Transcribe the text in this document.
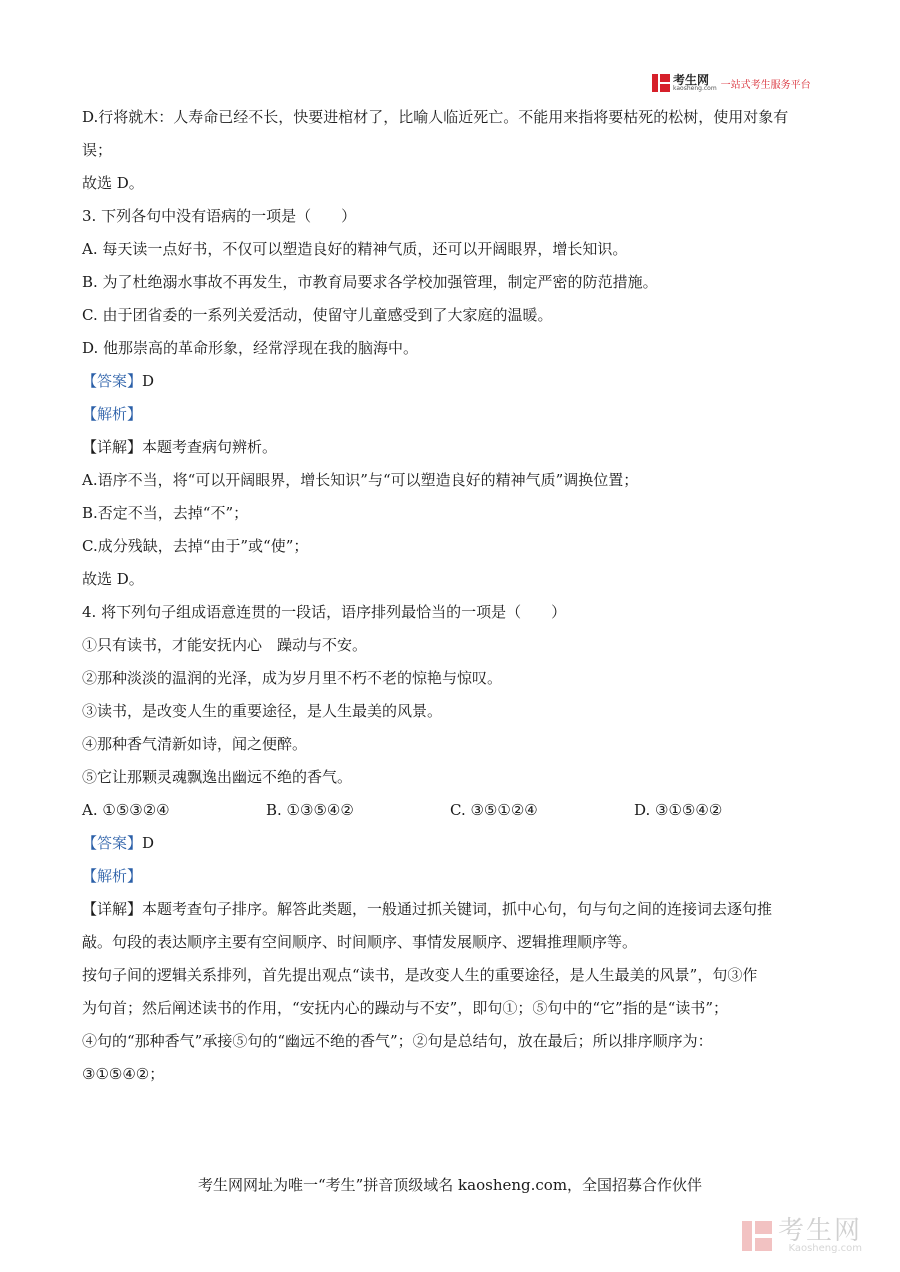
考生网
kaosheng.com 一站式考生服务平台
D.行将就木：人寿命已经不长，快要进棺材了，比喻人临近死亡。不能用来指将要枯死的松树，使用对象有
误；
故选 D。
3. 下列各句中没有语病的一项是（　　）
A. 每天读一点好书，不仅可以塑造良好的精神气质，还可以开阔眼界，增长知识。
B. 为了杜绝溺水事故不再发生，市教育局要求各学校加强管理，制定严密的防范措施。
C. 由于团省委的一系列关爱活动，使留守儿童感受到了大家庭的温暖。
D. 他那崇高的革命形象，经常浮现在我的脑海中。
【答案】D
【解析】
【详解】本题考查病句辨析。
A.语序不当，将“可以开阔眼界，增长知识”与“可以塑造良好的精神气质”调换位置；
B.否定不当，去掉“不”；
C.成分残缺，去掉“由于”或“使”；
故选 D。
4. 将下列句子组成语意连贯的一段话，语序排列最恰当的一项是（　　）
①只有读书，才能安抚内心　躁动与不安。
②那种淡淡的温润的光泽，成为岁月里不朽不老的惊艳与惊叹。
③读书，是改变人生的重要途径，是人生最美的风景。
④那种香气清新如诗，闻之便醉。
⑤它让那颗灵魂飘逸出幽远不绝的香气。
A. ①⑤③②④	B. ①③⑤④②	C. ③⑤①②④	D. ③①⑤④②
【答案】D
【解析】
【详解】本题考查句子排序。解答此类题，一般通过抓关键词，抓中心句，句与句之间的连接词去逐句推
敲。句段的表达顺序主要有空间顺序、时间顺序、事情发展顺序、逻辑推理顺序等。
按句子间的逻辑关系排列，首先提出观点“读书，是改变人生的重要途径，是人生最美的风景”，句③作
为句首；然后阐述读书的作用，“安抚内心的躁动与不安”，即句①；⑤句中的“它”指的是“读书”；
④句的“那种香气”承接⑤句的“幽远不绝的香气”；②句是总结句，放在最后；所以排序顺序为：
③①⑤④②；
考生网网址为唯一“考生”拼音顶级域名 kaosheng.com，全国招募合作伙伴
考生网
Kaosheng.com
